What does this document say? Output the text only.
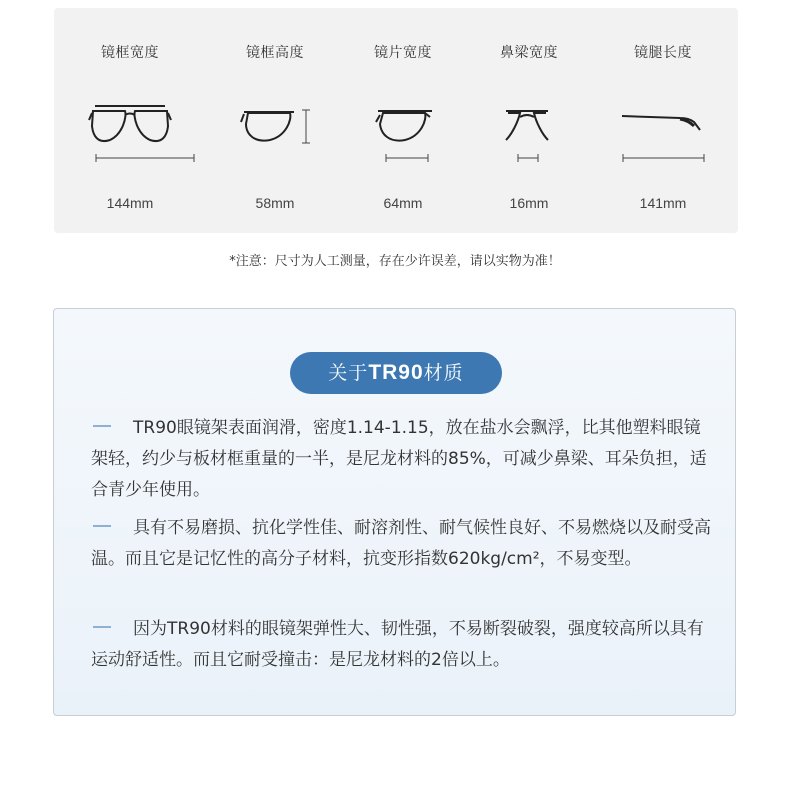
镜框宽度
144mm
镜框高度
58mm
镜片宽度
64mm
鼻梁宽度
16mm
镜腿长度
141mm
*注意：尺寸为人工测量，存在少许误差，请以实物为准！
关于TR90材质
TR90眼镜架表面润滑，密度1.14-1.15，放在盐水会飘浮，比其他塑料眼镜架轻，约少与板材框重量的一半，是尼龙材料的85%，可减少鼻梁、耳朵负担，适合青少年使用。
具有不易磨损、抗化学性佳、耐溶剂性、耐气候性良好、不易燃烧以及耐受高温。而且它是记忆性的高分子材料，抗变形指数620kg/cm²，不易变型。
因为TR90材料的眼镜架弹性大、韧性强，不易断裂破裂，强度较高所以具有运动舒适性。而且它耐受撞击：是尼龙材料的2倍以上。
